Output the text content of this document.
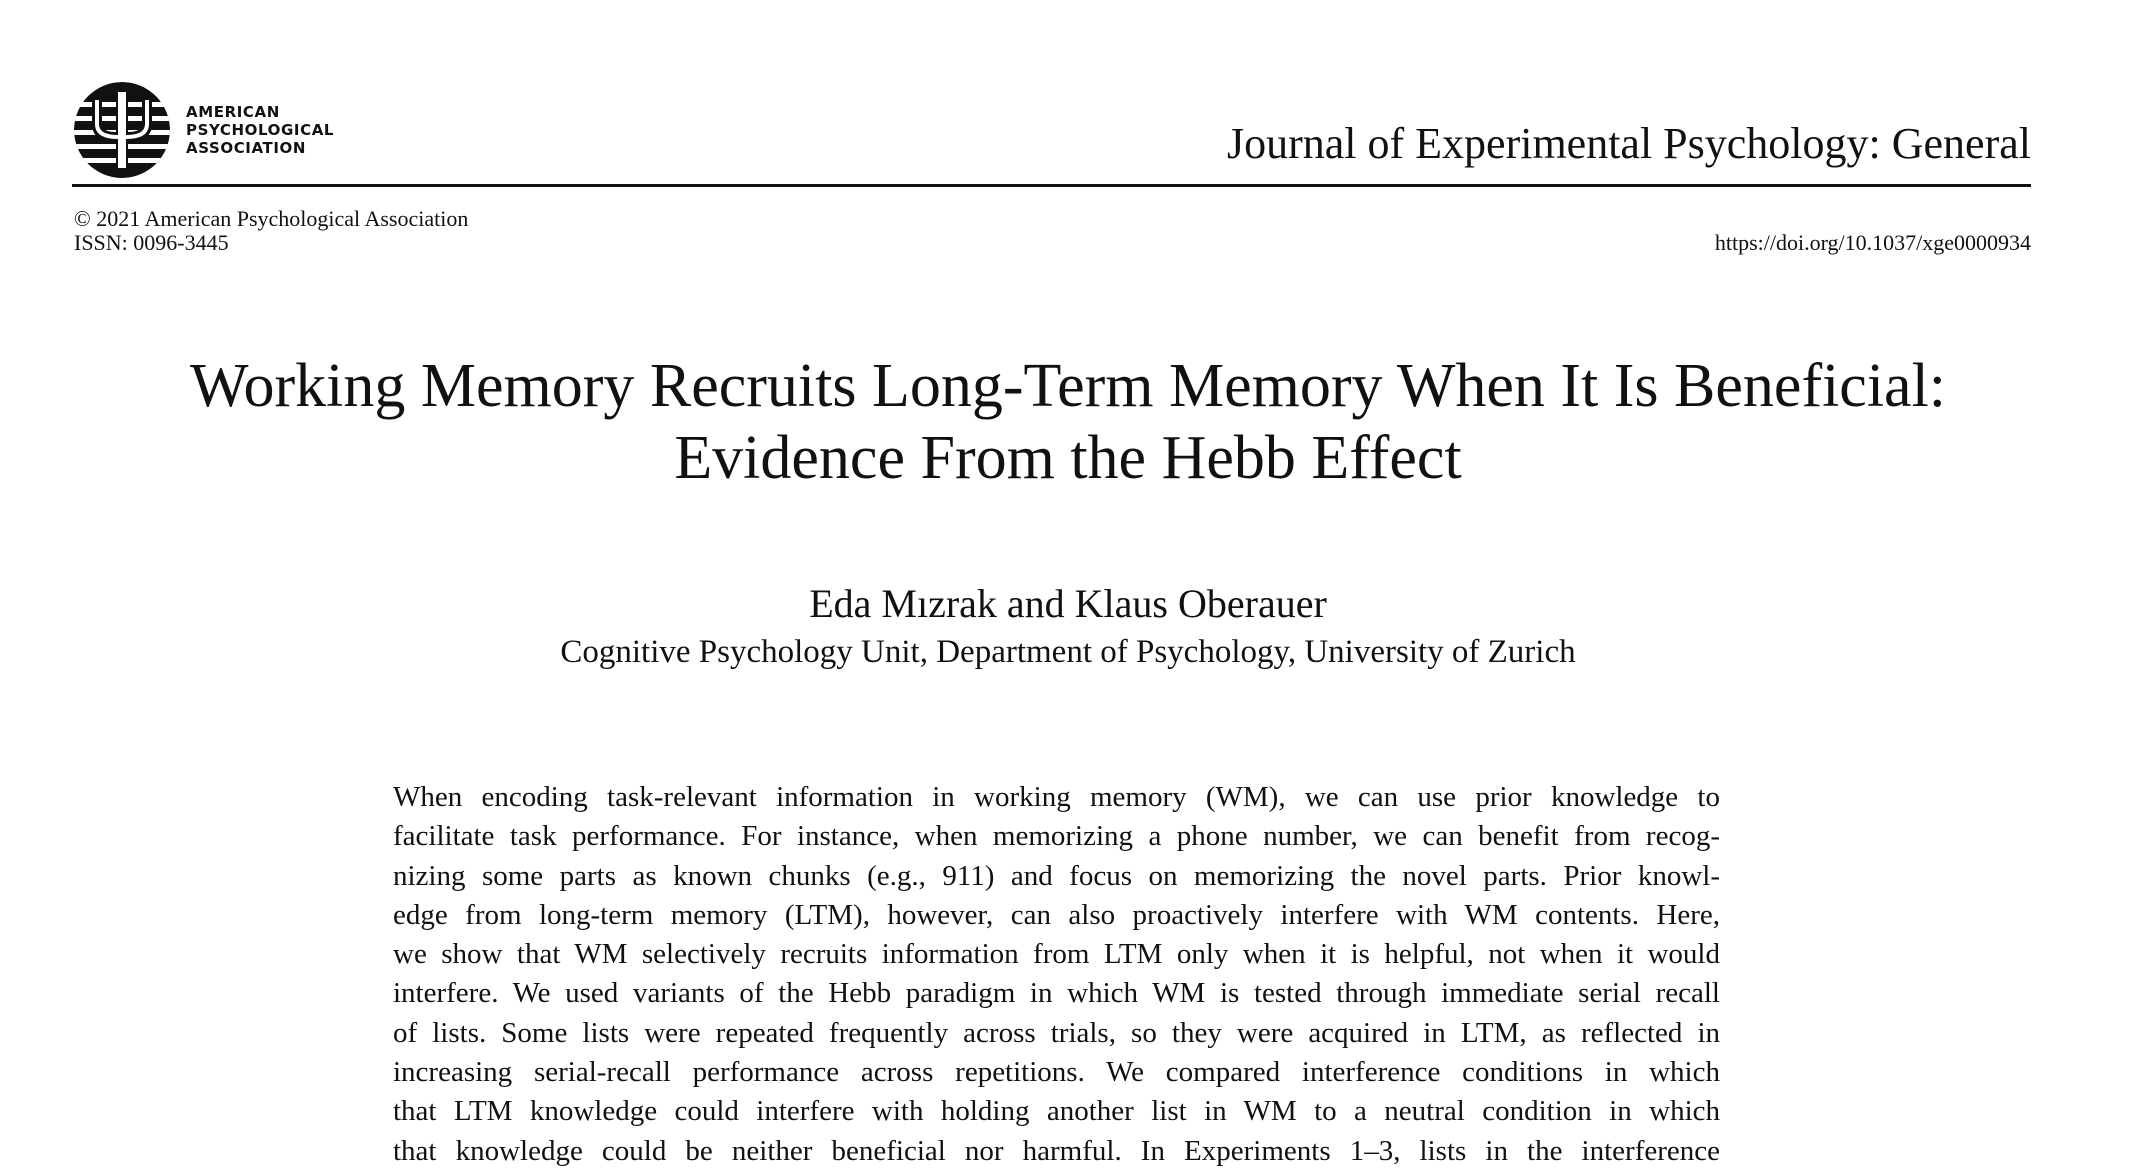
AMERICAN
PSYCHOLOGICAL
ASSOCIATION	Journal of Experimental Psychology: General
© 2021 American Psychological Association
ISSN: 0096-3445	https://doi.org/10.1037/xge0000934
Working Memory Recruits Long-Term Memory When It Is Beneficial:
Evidence From the Hebb Effect
Eda Mızrak and Klaus Oberauer
Cognitive Psychology Unit, Department of Psychology, University of Zurich
When encoding task-relevant information in working memory (WM), we can use prior knowledge to
facilitate task performance. For instance, when memorizing a phone number, we can benefit from recog-
nizing some parts as known chunks (e.g., 911) and focus on memorizing the novel parts. Prior knowl-
edge from long-term memory (LTM), however, can also proactively interfere with WM contents. Here,
we show that WM selectively recruits information from LTM only when it is helpful, not when it would
interfere. We used variants of the Hebb paradigm in which WM is tested through immediate serial recall
of lists. Some lists were repeated frequently across trials, so they were acquired in LTM, as reflected in
increasing serial-recall performance across repetitions. We compared interference conditions in which
that LTM knowledge could interfere with holding another list in WM to a neutral condition in which
that knowledge could be neither beneficial nor harmful. In Experiments 1–3, lists in the interference
